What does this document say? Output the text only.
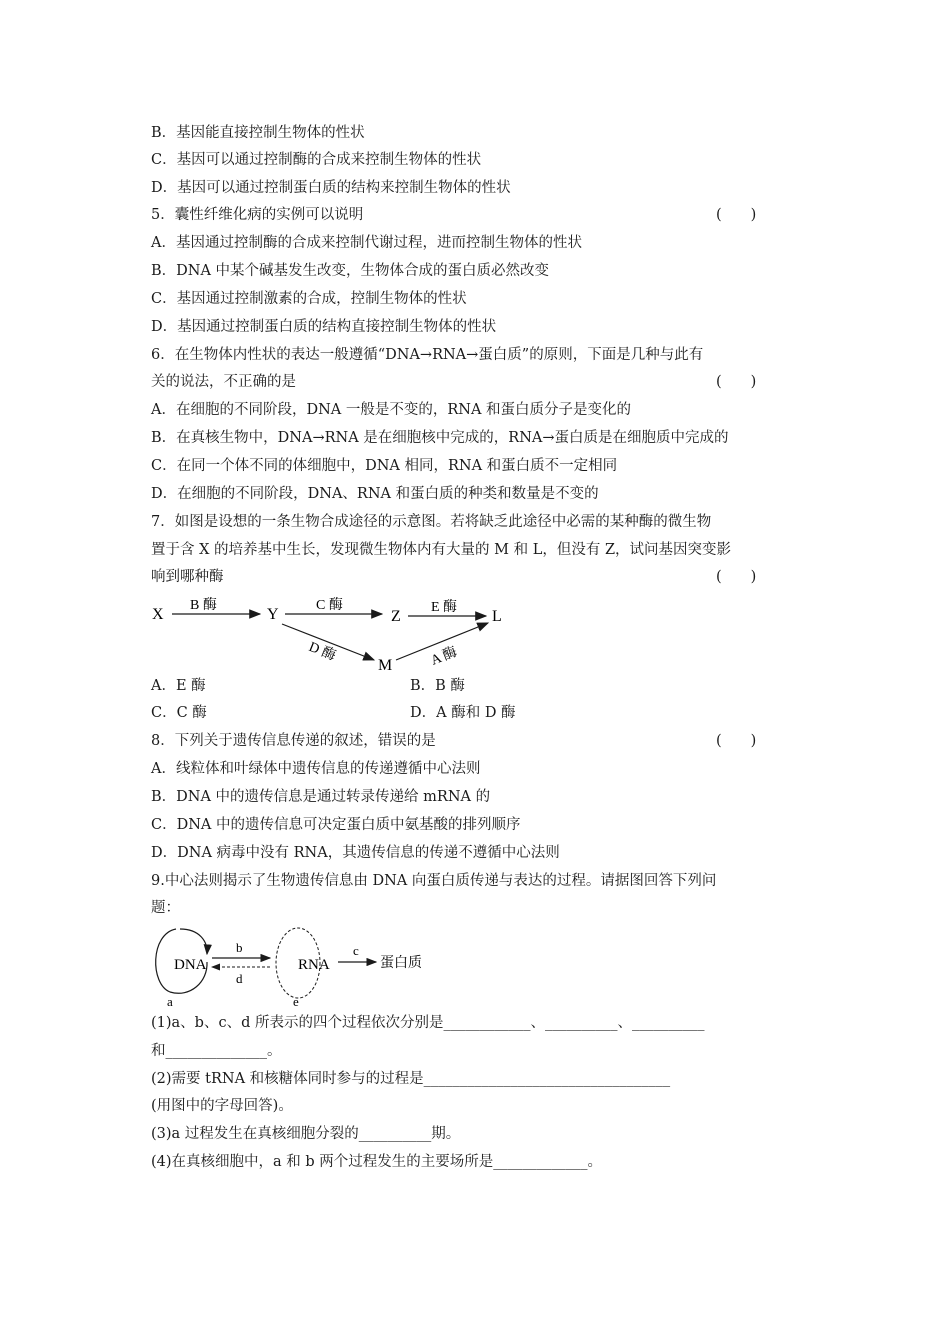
B．基因能直接控制生物体的性状
C．基因可以通过控制酶的合成来控制生物体的性状
D．基因可以通过控制蛋白质的结构来控制生物体的性状
5．囊性纤维化病的实例可以说明	(　　)
A．基因通过控制酶的合成来控制代谢过程，进而控制生物体的性状
B．DNA 中某个碱基发生改变，生物体合成的蛋白质必然改变
C．基因通过控制激素的合成，控制生物体的性状
D．基因通过控制蛋白质的结构直接控制生物体的性状
6．在生物体内性状的表达一般遵循“DNA→RNA→蛋白质”的原则，下面是几种与此有
关的说法，不正确的是	(　　)
A．在细胞的不同阶段，DNA 一般是不变的，RNA 和蛋白质分子是变化的
B．在真核生物中，DNA→RNA 是在细胞核中完成的，RNA→蛋白质是在细胞质中完成的
C．在同一个体不同的体细胞中，DNA 相同，RNA 和蛋白质不一定相同
D．在细胞的不同阶段，DNA、RNA 和蛋白质的种类和数量是不变的
7．如图是设想的一条生物合成途径的示意图。若将缺乏此途径中必需的某种酶的微生物
置于含 X 的培养基中生长，发现微生物体内有大量的 M 和 L，但没有 Z，试问基因突变影
响到哪种酶	(　　)
X	Y	Z	L
M
B 酶	C 酶	E 酶
D 酶	A 酶
A．E 酶	B．B 酶
C．C 酶	D．A 酶和 D 酶
8．下列关于遗传信息传递的叙述，错误的是	(　　)
A．线粒体和叶绿体中遗传信息的传递遵循中心法则
B．DNA 中的遗传信息是通过转录传递给 mRNA 的
C．DNA 中的遗传信息可决定蛋白质中氨基酸的排列顺序
D．DNA 病毒中没有 RNA，其遗传信息的传递不遵循中心法则
9.中心法则揭示了生物遗传信息由 DNA 向蛋白质传递与表达的过程。请据图回答下列问
题：
DNA
a
b
d
RNA
e
c
蛋白质
(1)a、b、c、d 所表示的四个过程依次分别是____________、__________、__________
和______________。
(2)需要 tRNA 和核糖体同时参与的过程是__________________________________
(用图中的字母回答)。
(3)a 过程发生在真核细胞分裂的__________期。
(4)在真核细胞中，a 和 b 两个过程发生的主要场所是_____________。
